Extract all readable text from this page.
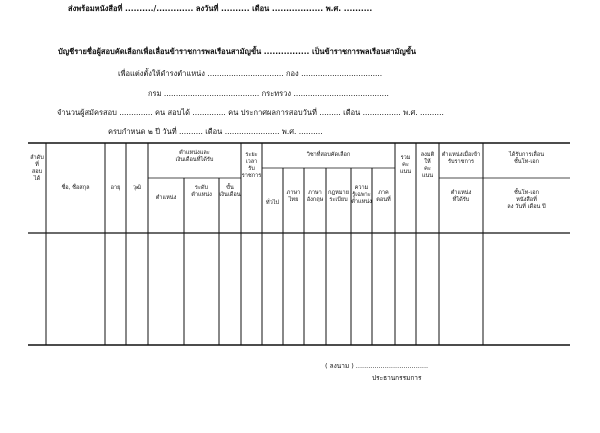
ส่งพร้อมหนังสือที่ ........../............. ลงวันที่ .......... เดือน .................. พ.ศ. ..........
บัญชีรายชื่อผู้สอบคัดเลือกเพื่อเลื่อนข้าราชการพลเรือนสามัญขั้น ................ เป็นข้าราชการพลเรือนสามัญขั้น
เพื่อแต่งตั้งให้ดำรงตำแหน่ง ................................ กอง ..................................
กรม ........................................ กระทรวง ........................................
จำนวนผู้สมัครสอบ .............. คน สอบได้ .............. คน ประกาศผลการสอบวันที่ ......... เดือน ................ พ.ศ. ..........
ครบกำหนด ๒ ปี วันที่ .......... เดือน ....................... พ.ศ. ..........
ลำดับ
ที่
สอบ
ได้
ชื่อ, ชื่อสกุล	อายุ	วุฒิ
ตำแหน่งและ
เงินเดือนที่ได้รับ
ตำแหน่ง
ระดับ
ตำแหน่ง
ขั้น
เงินเดือน
ระยะ
เวลา
รับ
ราชการ
วิชาที่สอบคัดเลือก
ทั่วไป
ภาษา
ไทย
ภาษา
อังกฤษ
กฎหมาย
ระเบียบ
ความ
รู้เฉพาะ
ตำแหน่ง
ภาค
ตอนที่
รวม
คะ
แนน
ลงมติ
ให้
คะ
แนน
ตำแหน่งเมื่อเข้า
รับราชการ
ตำแหน่ง
ที่ได้รับ
ได้รับการเลื่อน
ชั้นโท-เอก
ชั้นโท-เอก
หนังสือที่
ลง วันที่ เดือน ปี
( ลงนาม ) ...................................
ประธานกรรมการ
